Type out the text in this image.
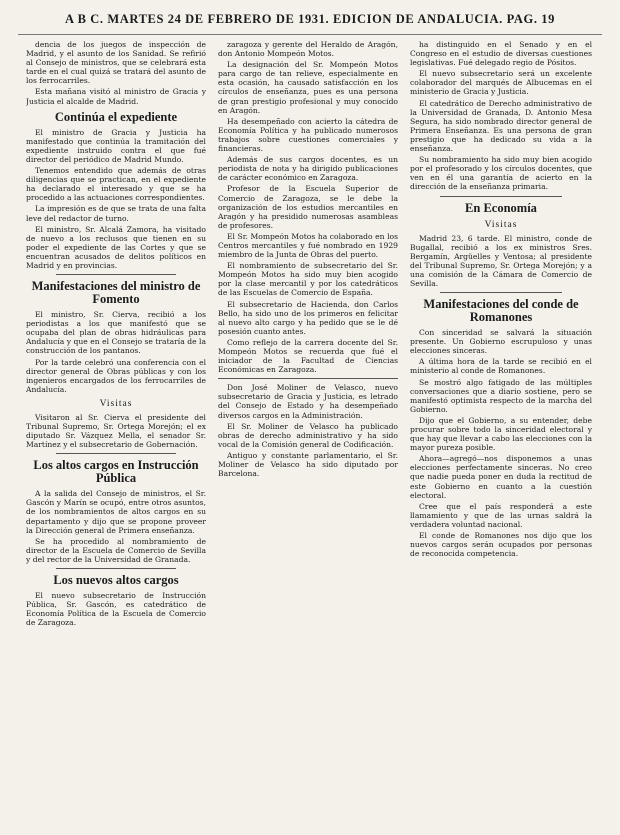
A B C. MARTES 24 DE FEBRERO DE 1931. EDICION DE ANDALUCIA. PAG. 19

dencia de los juegos de inspección de Madrid, y el asunto de los Sanidad. Se refirió al Consejo de ministros, que se celebrará esta tarde en el cual quizá se tratará del asunto de los ferrocarriles.

Esta mañana visitó al ministro de Gracia y Justicia el alcalde de Madrid.

Continúa el expediente

El ministro de Gracia y Justicia ha manifestado que continúa la tramitación del expediente instruido contra el que fué director del periódico de Madrid Mundo.

Tenemos entendido que además de otras diligencias que se practican, en el expediente ha declarado el interesado y que se ha procedido a las actuaciones correspondientes.

La impresión es de que se trata de una falta leve del redactor de turno.

El ministro, Sr. Alcalá Zamora, ha visitado de nuevo a los reclusos que tienen en su poder el expediente de las Cortes y que se encuentran acusados de delitos políticos en Madrid y en provincias.

Manifestaciones del ministro de Fomento

El ministro, Sr. Cierva, recibió a los periodistas a los que manifestó que se ocupaba del plan de obras hidráulicas para Andalucía y que en el Consejo se trataría de la construcción de los pantanos.

Por la tarde celebró una conferencia con el director general de Obras públicas y con los ingenieros encargados de los ferrocarriles de Andalucía.

Visitas

Visitaron al Sr. Cierva el presidente del Tribunal Supremo, Sr. Ortega Morejón; el ex diputado Sr. Vázquez Mella, el senador Sr. Martínez y el subsecretario de Gobernación.

Los altos cargos en Instrucción Pública

A la salida del Consejo de ministros, el Sr. Gascón y Marín se ocupó, entre otros asuntos, de los nombramientos de altos cargos en su departamento y dijo que se propone proveer la Dirección general de Primera enseñanza.

Se ha procedido al nombramiento de director de la Escuela de Comercio de Sevilla y del rector de la Universidad de Granada.

Los nuevos altos cargos

El nuevo subsecretario de Instrucción Pública, Sr. Gascón, es catedrático de Economía Política de la Escuela de Comercio de Zaragoza.

zaragoza y gerente del Heraldo de Aragón, don Antonio Mompeón Motos.

La designación del Sr. Mompeón Motos para cargo de tan relieve, especialmente en esta ocasión, ha causado satisfacción en los círculos de enseñanza, pues es una persona de gran prestigio profesional y muy conocido en Aragón.

Ha desempeñado con acierto la cátedra de Economía Política y ha publicado numerosos trabajos sobre cuestiones comerciales y financieras.

Además de sus cargos docentes, es un periodista de nota y ha dirigido publicaciones de carácter económico en Zaragoza.

Profesor de la Escuela Superior de Comercio de Zaragoza, se le debe la organización de los estudios mercantiles en Aragón y ha presidido numerosas asambleas de profesores.

El Sr. Mompeón Motos ha colaborado en los Centros mercantiles y fué nombrado en 1929 miembro de la Junta de Obras del puerto.

El nombramiento de subsecretario del Sr. Mompeón Motos ha sido muy bien acogido por la clase mercantil y por los catedráticos de las Escuelas de Comercio de España.

El subsecretario de Hacienda, don Carlos Bello, ha sido uno de los primeros en felicitar al nuevo alto cargo y ha pedido que se le dé posesión cuanto antes.

Como reflejo de la carrera docente del Sr. Mompeón Motos se recuerda que fué el iniciador de la Facultad de Ciencias Económicas en Zaragoza.

Don José Moliner de Velasco, nuevo subsecretario de Gracia y Justicia, es letrado del Consejo de Estado y ha desempeñado diversos cargos en la Administración.

El Sr. Moliner de Velasco ha publicado obras de derecho administrativo y ha sido vocal de la Comisión general de Codificación.

Antiguo y constante parlamentario, el Sr. Moliner de Velasco ha sido diputado por Barcelona.

ha distinguido en el Senado y en el Congreso en el estudio de diversas cuestiones legislativas. Fué delegado regio de Pósitos.

El nuevo subsecretario será un excelente colaborador del marqués de Albucemas en el ministerio de Gracia y Justicia.

El catedrático de Derecho administrativo de la Universidad de Granada, D. Antonio Mesa Segura, ha sido nombrado director general de Primera Enseñanza. Es una persona de gran prestigio que ha dedicado su vida a la enseñanza.

Su nombramiento ha sido muy bien acogido por el profesorado y los círculos docentes, que ven en él una garantía de acierto en la dirección de la enseñanza primaria.

En Economía
Visitas

Madrid 23, 6 tarde. El ministro, conde de Bugallal, recibió a los ex ministros Sres. Bergamín, Argüelles y Ventosa; al presidente del Tribunal Supremo, Sr. Ortega Morejón; y a una comisión de la Cámara de Comercio de Sevilla.

Manifestaciones del conde de Romanones

Con sinceridad se salvará la situación presente. Un Gobierno escrupuloso y unas elecciones sinceras.

A última hora de la tarde se recibió en el ministerio al conde de Romanones.

Se mostró algo fatigado de las múltiples conversaciones que a diario sostiene, pero se manifestó optimista respecto de la marcha del Gobierno.

Dijo que el Gobierno, a su entender, debe procurar sobre todo la sinceridad electoral y que hay que llevar a cabo las elecciones con la mayor pureza posible.

Ahora—agregó—nos disponemos a unas elecciones perfectamente sinceras. No creo que nadie pueda poner en duda la rectitud de este Gobierno en cuanto a la cuestión electoral.

Cree que el país responderá a este llamamiento y que de las urnas saldrá la verdadera voluntad nacional.

El conde de Romanones nos dijo que los nuevos cargos serán ocupados por personas de reconocida competencia.
